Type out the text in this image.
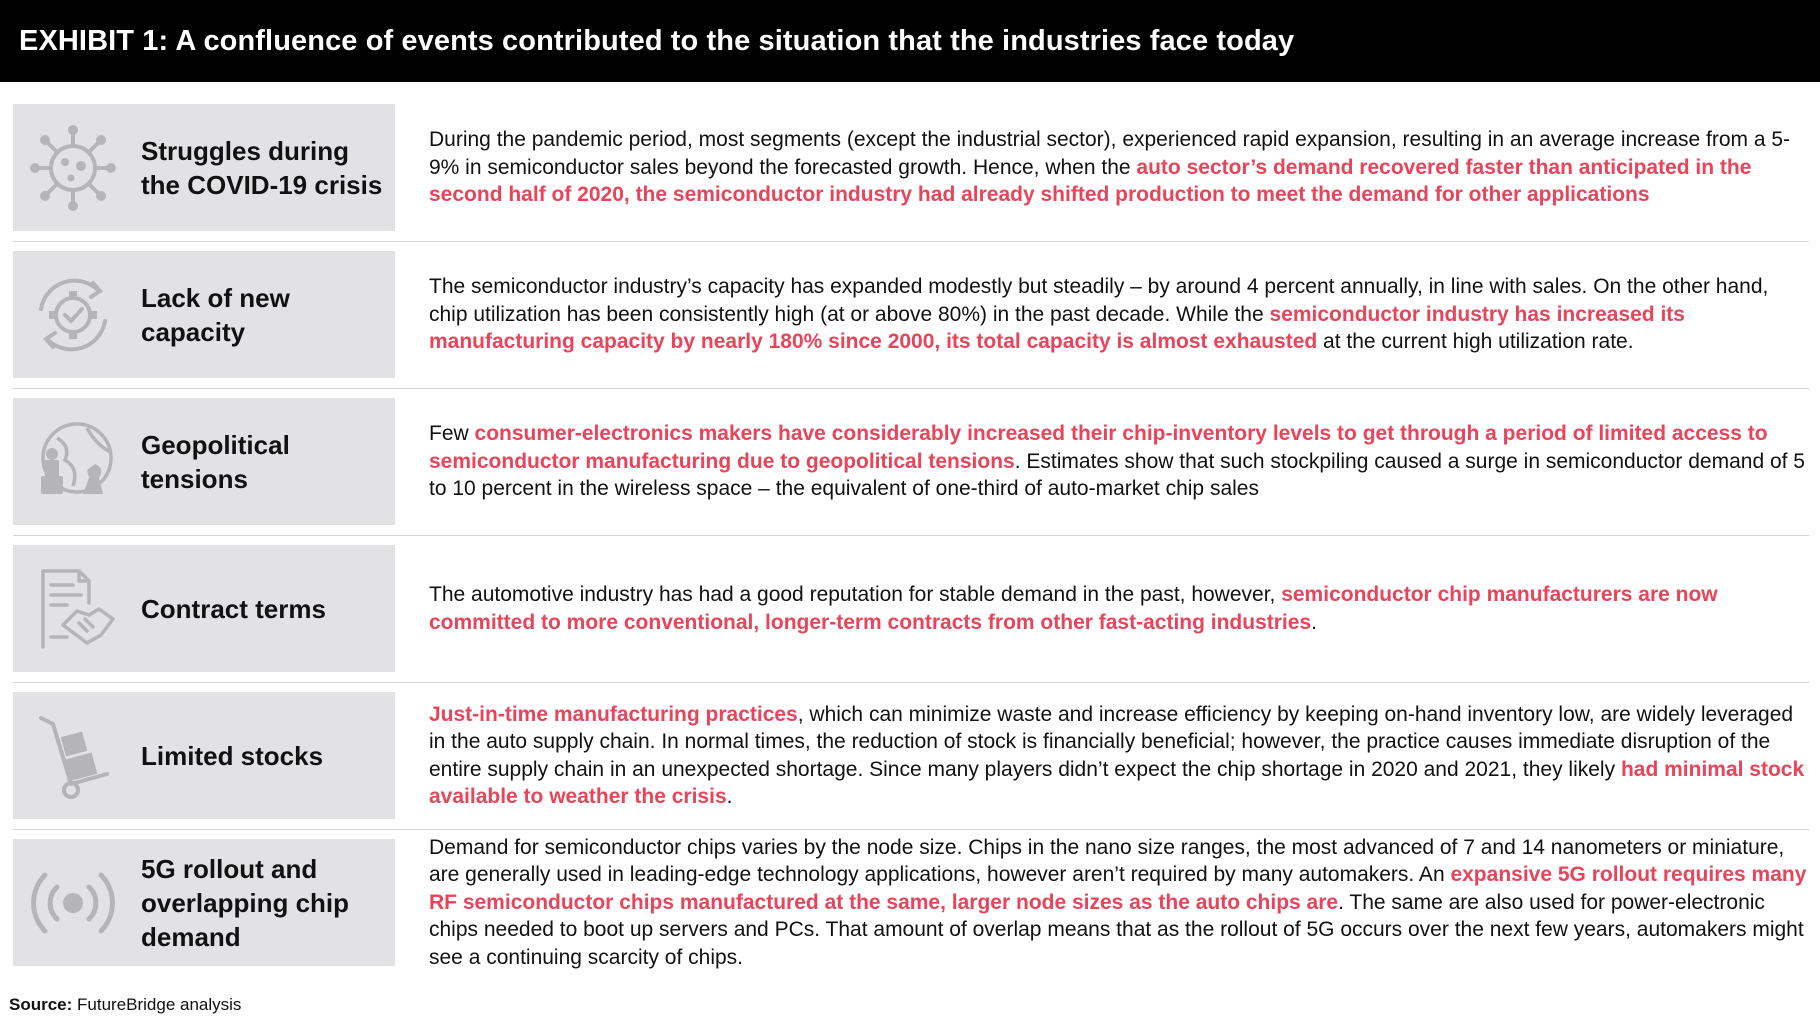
EXHIBIT 1: A confluence of events contributed to the situation that the industries face today
Struggles during the COVID-19 crisis

During the pandemic period, most segments (except the industrial sector), experienced rapid expansion, resulting in an average increase from a 5-9% in semiconductor sales beyond the forecasted growth. Hence, when the auto sector’s demand recovered faster than anticipated in the second half of 2020, the semiconductor industry had already shifted production to meet the demand for other applications

Lack of new capacity

The semiconductor industry’s capacity has expanded modestly but steadily – by around 4 percent annually, in line with sales. On the other hand, chip utilization has been consistently high (at or above 80%) in the past decade. While the semiconductor industry has increased its manufacturing capacity by nearly 180% since 2000, its total capacity is almost exhausted at the current high utilization rate.

Geopolitical tensions

Few consumer-electronics makers have considerably increased their chip-inventory levels to get through a period of limited access to semiconductor manufacturing due to geopolitical tensions. Estimates show that such stockpiling caused a surge in semiconductor demand of 5 to 10 percent in the wireless space – the equivalent of one-third of auto-market chip sales

Contract terms	The automotive industry has had a good reputation for stable demand in the past, however, semiconductor chip manufacturers are now committed to more conventional, longer-term contracts from other fast-acting industries.

Limited stocks

Just-in-time manufacturing practices, which can minimize waste and increase efficiency by keeping on-hand inventory low, are widely leveraged in the auto supply chain. In normal times, the reduction of stock is financially beneficial; however, the practice causes immediate disruption of the entire supply chain in an unexpected shortage. Since many players didn’t expect the chip shortage in 2020 and 2021, they likely had minimal stock available to weather the crisis.

5G rollout and overlapping chip demand

Demand for semiconductor chips varies by the node size. Chips in the nano size ranges, the most advanced of 7 and 14 nanometers or miniature, are generally used in leading-edge technology applications, however aren’t required by many automakers. An expansive 5G rollout requires many RF semiconductor chips manufactured at the same, larger node sizes as the auto chips are. The same are also used for power-electronic chips needed to boot up servers and PCs. That amount of overlap means that as the rollout of 5G occurs over the next few years, automakers might see a continuing scarcity of chips.

Source: FutureBridge analysis
